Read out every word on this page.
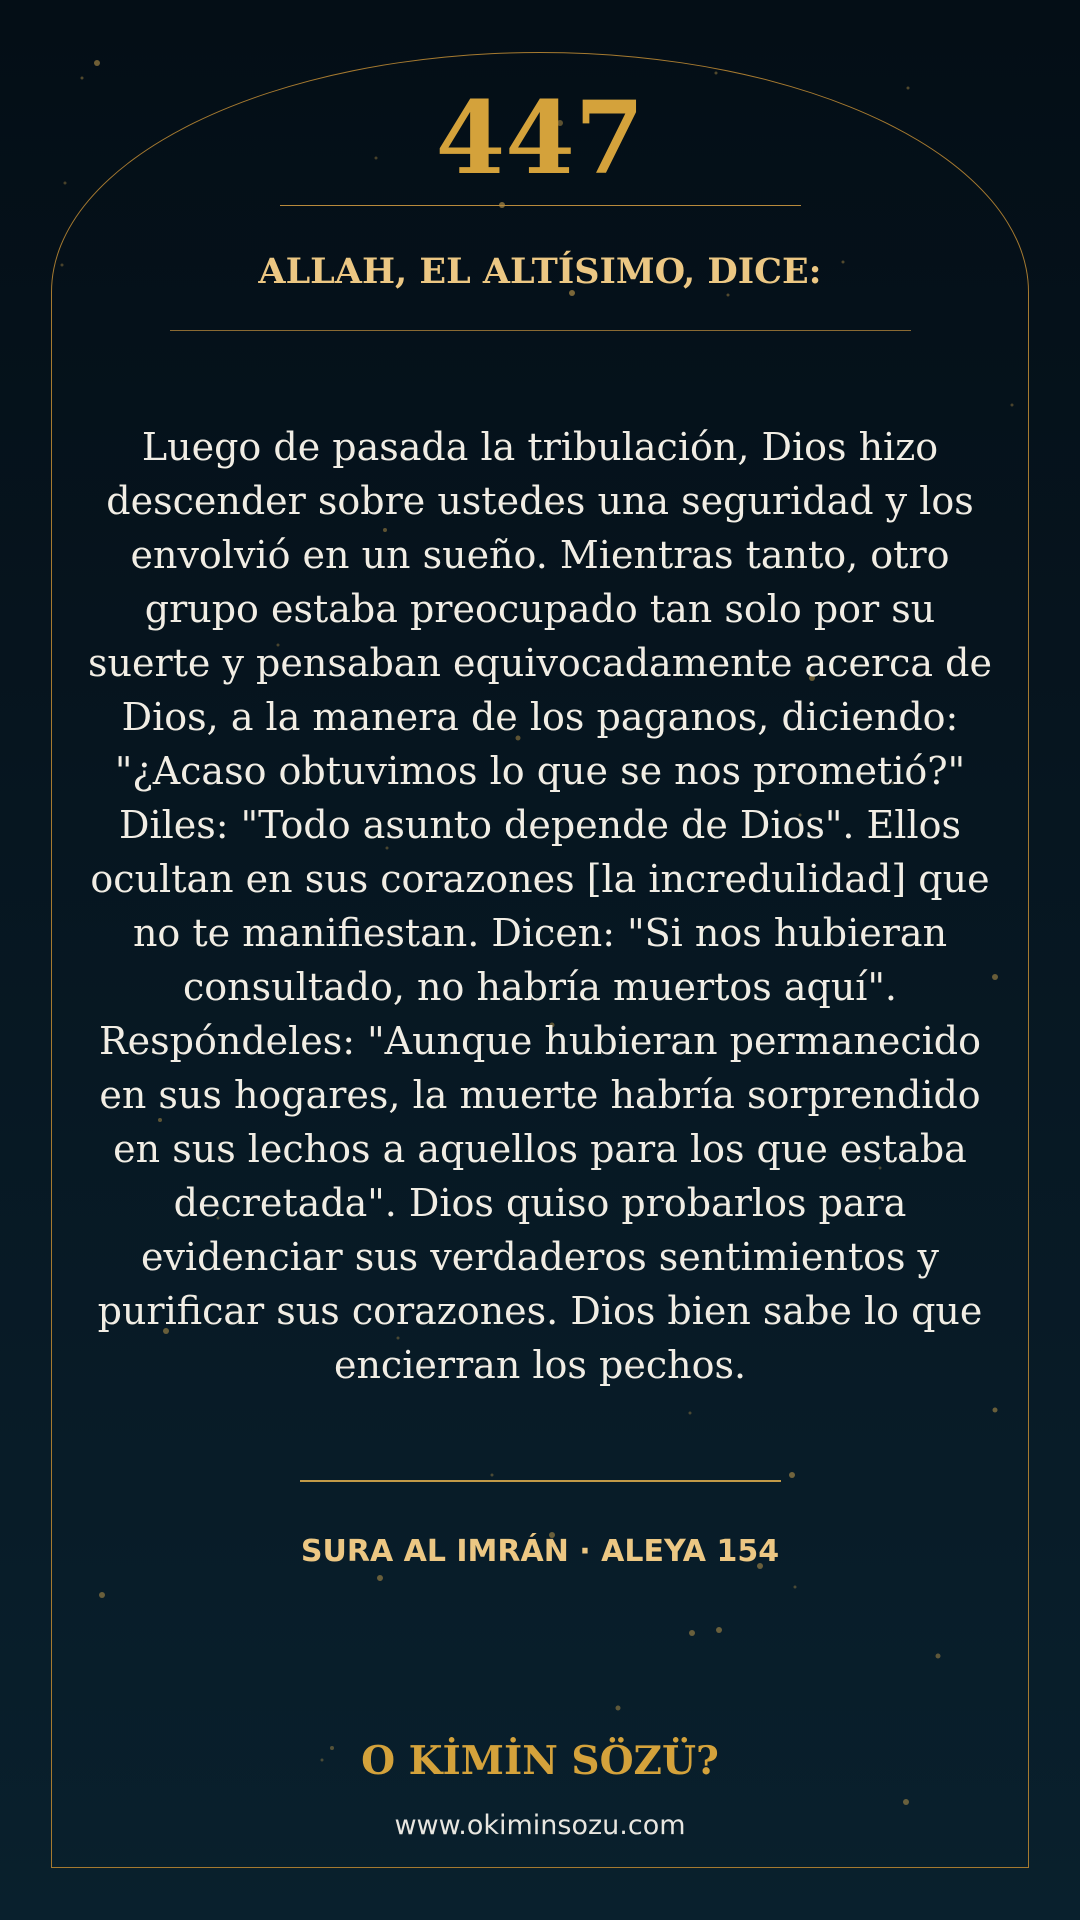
447
ALLAH, EL ALTÍSIMO, DICE:
Luego de pasada la tribulación, Dios hizo descender sobre ustedes una seguridad y los envolvió en un sueño. Mientras tanto, otro grupo estaba preocupado tan solo por su suerte y pensaban equivocadamente acerca de Dios, a la manera de los paganos, diciendo: "¿Acaso obtuvimos lo que se nos prometió?" Diles: "Todo asunto depende de Dios". Ellos ocultan en sus corazones [la incredulidad] que no te manifiestan. Dicen: "Si nos hubieran consultado, no habría muertos aquí". Respóndeles: "Aunque hubieran permanecido en sus hogares, la muerte habría sorprendido en sus lechos a aquellos para los que estaba decretada". Dios quiso probarlos para evidenciar sus verdaderos sentimientos y purificar sus corazones. Dios bien sabe lo que encierran los pechos.
SURA AL IMRÁN · ALEYA 154
O KİMİN SÖZÜ?
www.okiminsozu.com
